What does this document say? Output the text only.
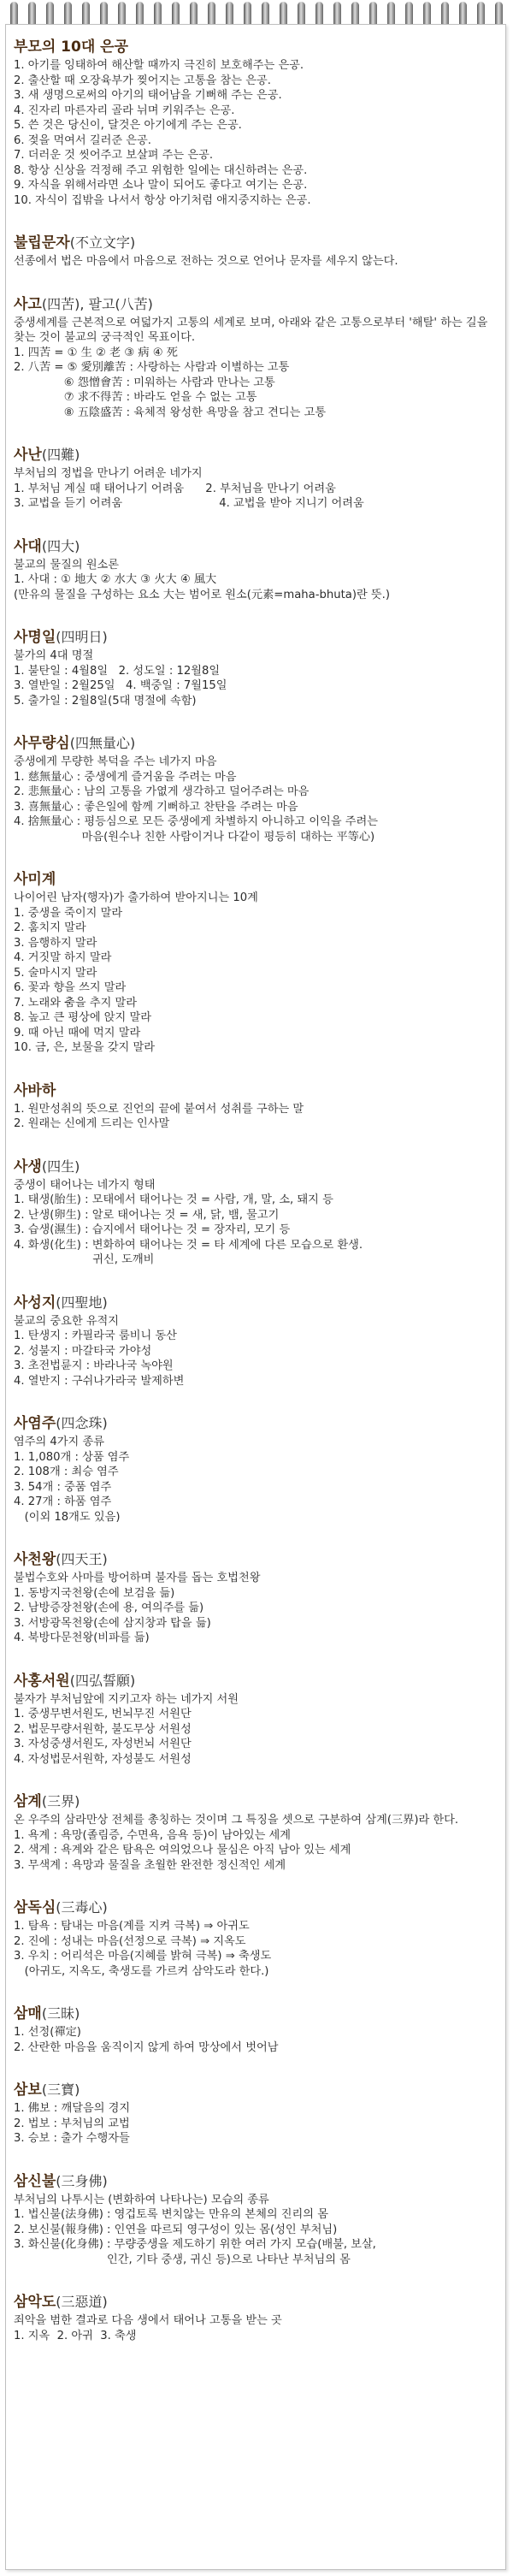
부모의 10대 은공
1. 아기를 잉태하여 해산할 때까지 극진히 보호해주는 은공.
2. 출산할 때 오장육부가 찢어지는 고통을 참는 은공.
3. 새 생명으로써의 아기의 태어남을 기뻐해 주는 은공.
4. 진자리 마른자리 골라 뉘며 키워주는 은공.
5. 쓴 것은 당신이, 달것은 아기에게 주는 은공.
6. 젖을 먹여서 길러준 은공.
7. 더러운 것 씻어주고 보살펴 주는 은공.
8. 항상 신상을 걱정해 주고 위험한 일에는 대신하려는 은공.
9. 자식을 위해서라면 소나 말이 되어도 좋다고 여기는 은공.
10. 자식이 집밖을 나서서 항상 아기처럼 애지중지하는 은공.
불립문자(不立文字)
선종에서 법은 마음에서 마음으로 전하는 것으로 언어나 문자를 세우지 않는다.
사고(四苦), 팔고(八苦)
중생세계를 근본적으로 여덟가지 고통의 세계로 보며, 아래와 같은 고통으로부터 '해탈' 하는 길을 찾는 것이 불교의 궁극적인 목표이다.
1. 四苦 = ① 生 ② 老 ③ 病 ④ 死
2. 八苦 = ⑤ 愛別離苦 : 사랑하는 사람과 이별하는 고통
⑥ 怨憎會苦 : 미워하는 사람과 만나는 고통
⑦ 求不得苦 : 바라도 얻을 수 없는 고통
⑧ 五陰盛苦 : 육체적 왕성한 욕망을 참고 견디는 고통
사난(四難)
부처님의 정법을 만나기 어려운 네가지
1. 부처님 계실 때 태어나기 어려움      2. 부처님을 만나기 어려움
3. 교법을 듣기 어려움                           4. 교법을 받아 지니기 어려움
사대(四大)
불교의 물질의 원소론
1. 사대 : ① 地大 ② 水大 ③ 火大 ④ 風大
(만유의 물질을 구성하는 요소 大는 범어로 원소(元素=maha-bhuta)란 뜻.)
사명일(四明日)
불가의 4대 명절
1. 불탄일 : 4월8일   2. 성도일 : 12월8일
3. 열반일 : 2월25일   4. 백중일 : 7월15일
5. 출가일 : 2월8일(5대 명절에 속함)
사무량심(四無量心)
중생에게 무량한 복덕을 주는 네가지 마음
1. 慈無量心 : 중생에게 즐거움을 주려는 마음
2. 悲無量心 : 남의 고통을 가엾게 생각하고 덜어주려는 마음
3. 喜無量心 : 좋은일에 함께 기뻐하고 찬탄을 주려는 마음
4. 捨無量心 : 평등심으로 모든 중생에게 차별하지 아니하고 이익을 주려는
마음(원수나 친한 사람이거나 다같이 평등히 대하는 平等心)
사미계
나이어린 남자(행자)가 출가하여 받아지니는 10계
1. 중생을 죽이지 말라
2. 훔치지 말라
3. 음행하지 말라
4. 거짓말 하지 말라
5. 술마시지 말라
6. 꽃과 향을 쓰지 말라
7. 노래와 춤을 추지 말라
8. 높고 큰 평상에 앉지 말라
9. 때 아닌 때에 먹지 말라
10. 금, 은, 보물을 갖지 말라
사바하
1. 원만성취의 뜻으로 진언의 끝에 붙여서 성취를 구하는 말
2. 원래는 신에게 드리는 인사말
사생(四生)
중생이 태어나는 네가지 형태
1. 태생(胎生) : 모태에서 태어나는 것 = 사람, 개, 말, 소, 돼지 등
2. 난생(卵生) : 알로 태어나는 것 = 새, 닭, 뱀, 물고기
3. 습생(濕生) : 습지에서 태어나는 것 = 장자리, 모기 등
4. 화생(化生) : 변화하여 태어나는 것 = 타 세계에 다른 모습으로 환생.
귀신, 도깨비
사성지(四聖地)
불교의 중요한 유적지
1. 탄생지 : 카필라국 룸비니 동산
2. 성불지 : 마갈타국 가야성
3. 초전법륜지 : 바라나국 녹야원
4. 열반지 : 구쉬나가라국 발제하변
사염주(四念珠)
염주의 4가지 종류
1. 1,080개 : 상품 염주
2. 108개 : 최승 염주
3. 54개 : 중품 염주
4. 27개 : 하품 염주
(이외 18개도 있음)
사천왕(四天王)
불법수호와 사마를 방어하며 불자를 돕는 호법천왕
1. 동방지국천왕(손에 보검을 듦)
2. 남방증장천왕(손에 용, 여의주를 듦)
3. 서방광목천왕(손에 삼지창과 탑을 듦)
4. 북방다문천왕(비파를 듦)
사홍서원(四弘誓願)
불자가 부처님앞에 지키고자 하는 네가지 서원
1. 중생무변서원도, 번뇌무진 서원단
2. 법문무량서원학, 불도무상 서원성
3. 자성중생서원도, 자성번뇌 서원단
4. 자성법문서원학, 자성불도 서원성
삼계(三界)
온 우주의 삼라만상 전체를 총칭하는 것이며 그 특징을 셋으로 구분하여 삼계(三界)라 한다.
1. 욕계 : 욕망(졸림증, 수면욕, 음욕 등)이 남아있는 세계
2. 색계 : 욕계와 같은 탐욕은 여의었으나 물심은 아직 남아 있는 세계
3. 무색계 : 욕망과 물질을 초월한 완전한 정신적인 세계
삼독심(三毒心)
1. 탐욕 : 탐내는 마음(계를 지켜 극복) ⇒ 아귀도
2. 진에 : 성내는 마음(선정으로 극복) ⇒ 지옥도
3. 우치 : 어리석은 마음(지혜를 밝혀 극복) ⇒ 축생도
(아귀도, 지옥도, 축생도를 가르켜 삼악도라 한다.)
삼매(三昧)
1. 선정(禪定)
2. 산란한 마음을 움직이지 않게 하여 망상에서 벗어남
삼보(三寶)
1. 佛보 : 깨달음의 경지
2. 법보 : 부처님의 교법
3. 승보 : 출가 수행자들
삼신불(三身佛)
부처님의 나투시는 (변화하여 나타나는) 모습의 종류
1. 법신불(法身佛) : 영겁토록 변치않는 만유의 본체의 진리의 몸
2. 보신불(報身佛) : 인연을 따르되 영구성이 있는 몸(성인 부처님)
3. 화신불(化身佛) : 무량중생을 제도하기 위한 여러 가지 모습(배불, 보살,
인간, 기타 중생, 귀신 등)으로 나타난 부처님의 몸
삼악도(三惡道)
죄악을 범한 결과로 다음 생에서 태어나 고통을 받는 곳
1. 지옥  2. 아귀  3. 축생
